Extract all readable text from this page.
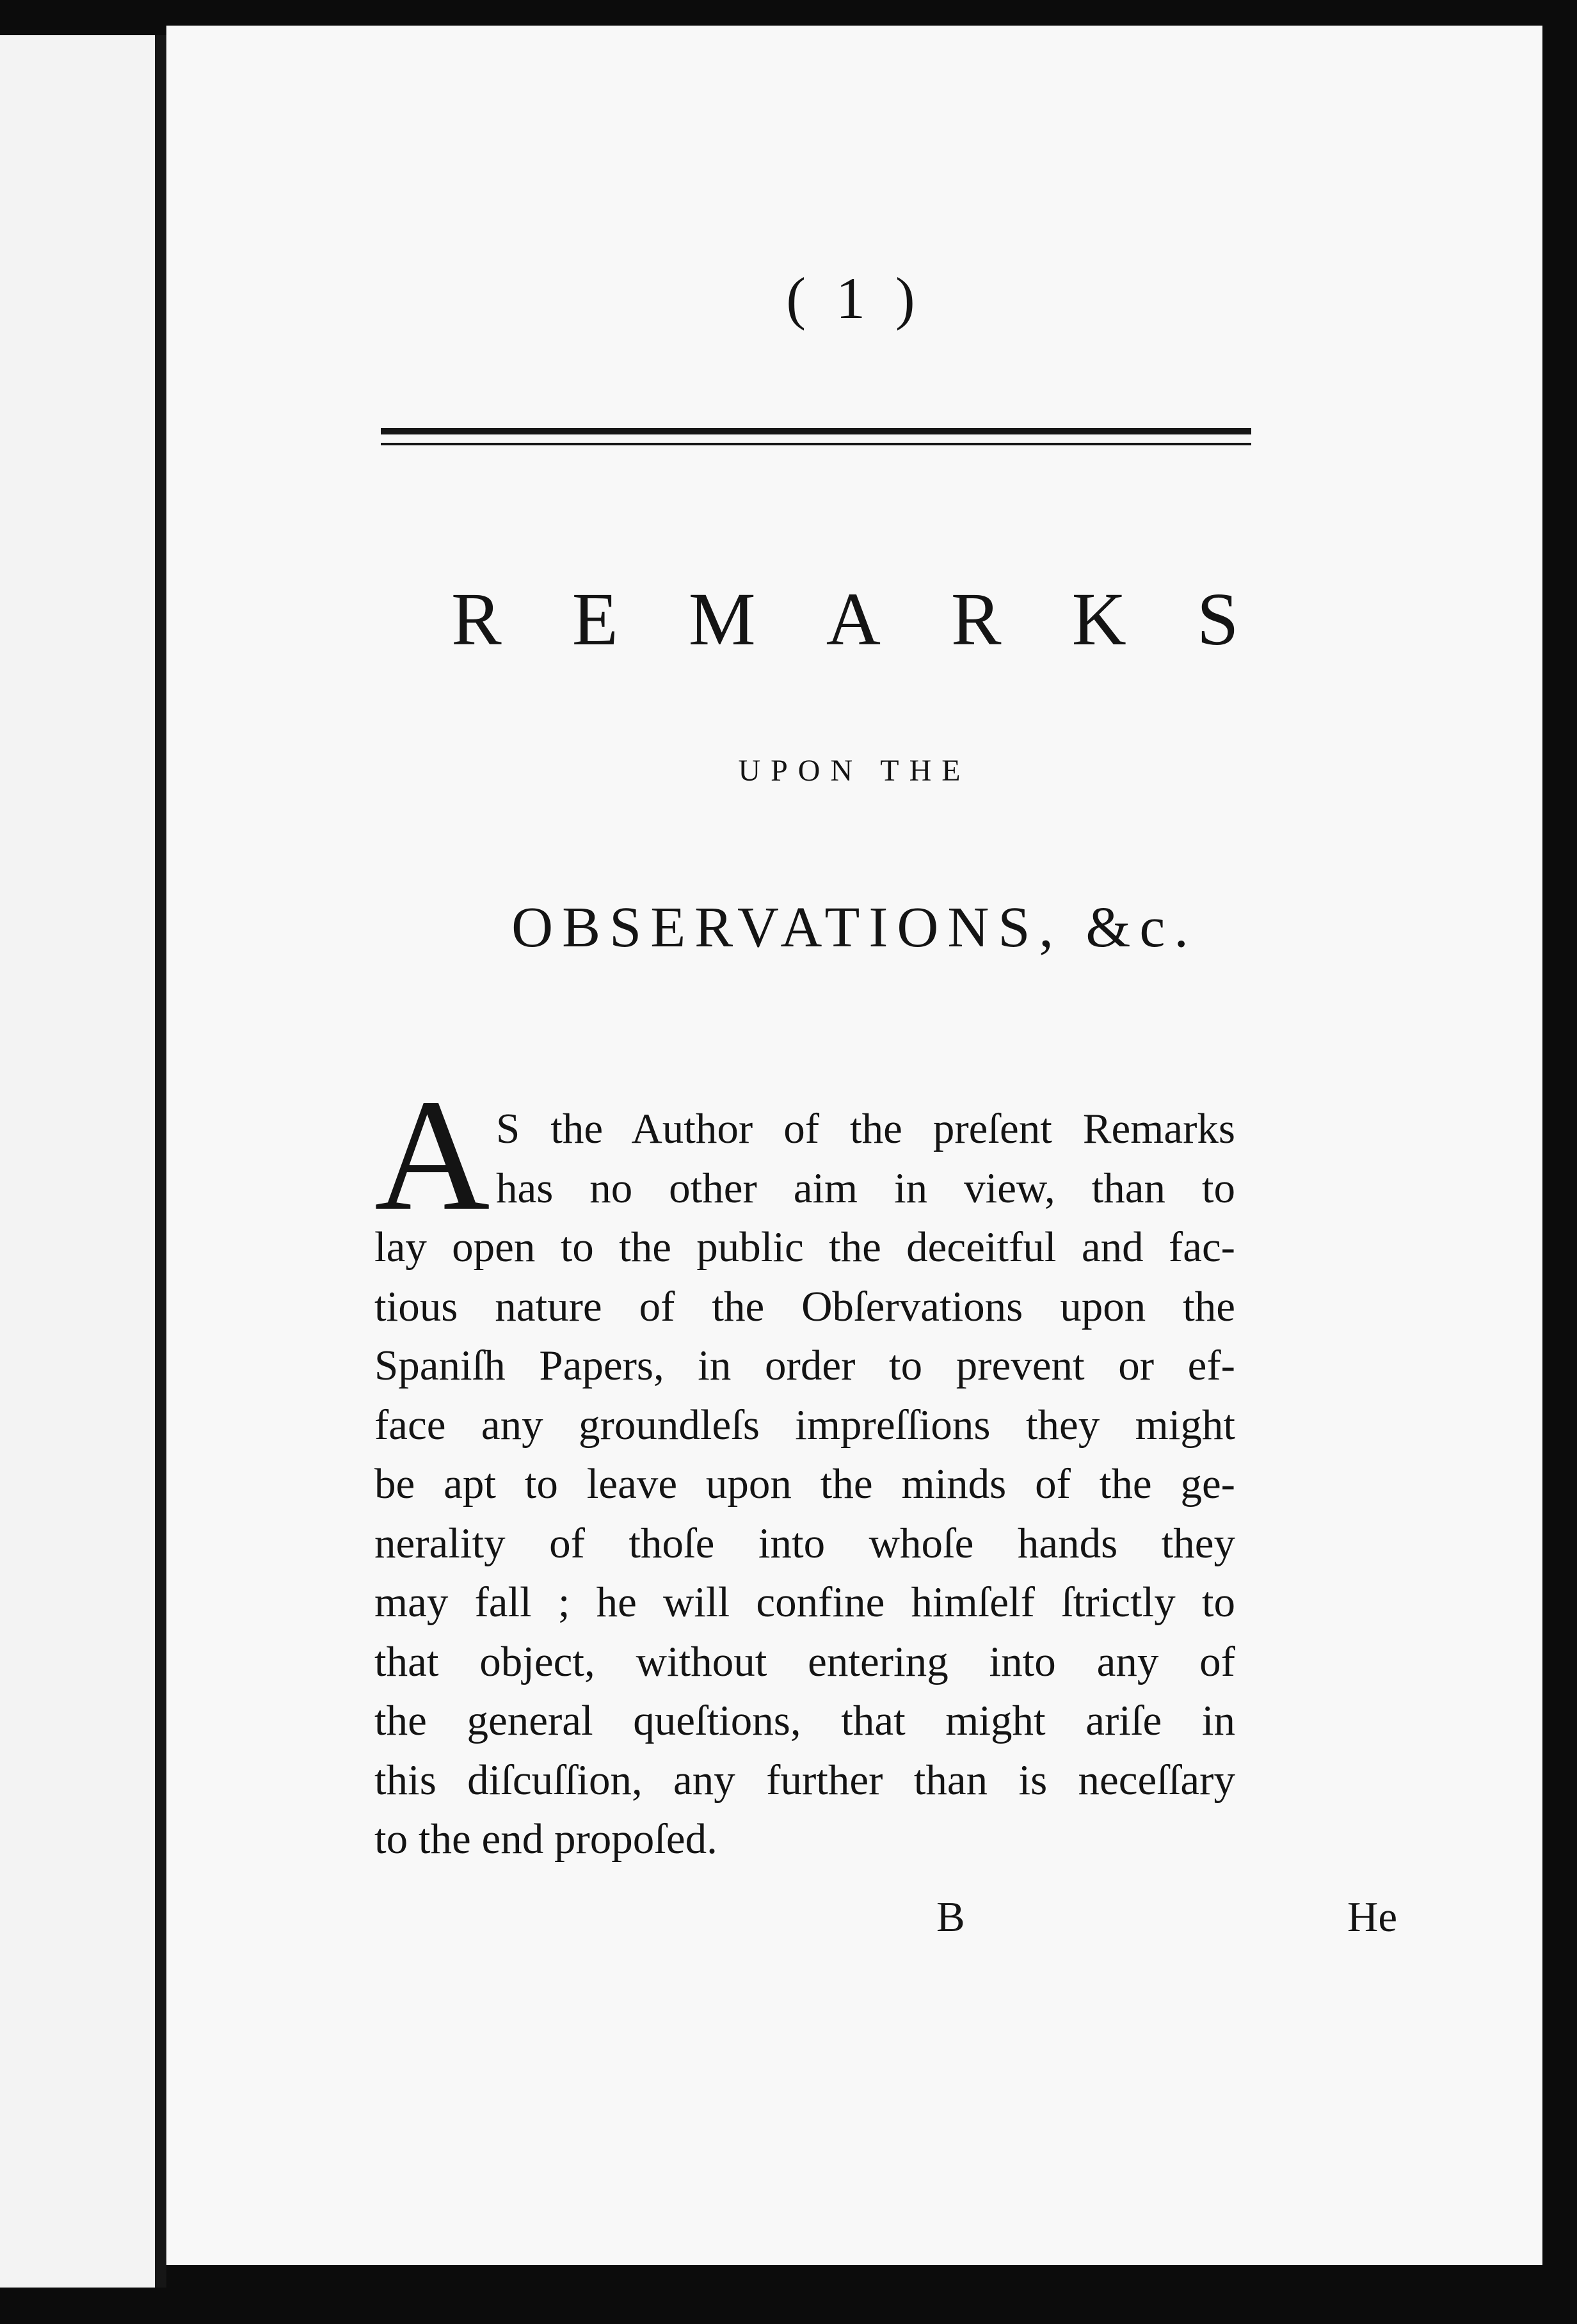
( 1 )
REMARKS
UPON THE
OBSERVATIONS, &c.
A S the Author of the preſent Remarks
has no other aim in view, than to
lay open to the public the deceitful and fac-
tious nature of the Obſervations upon the
Spaniſh Papers, in order to prevent or ef-
face any groundleſs impreſſions they might
be apt to leave upon the minds of the ge-
nerality of thoſe into whoſe hands they
may fall ; he will confine himſelf ſtrictly to
that object, without entering into any of
the general queſtions, that might ariſe in
this diſcuſſion, any further than is neceſſary
to the end propoſed.
B	He
